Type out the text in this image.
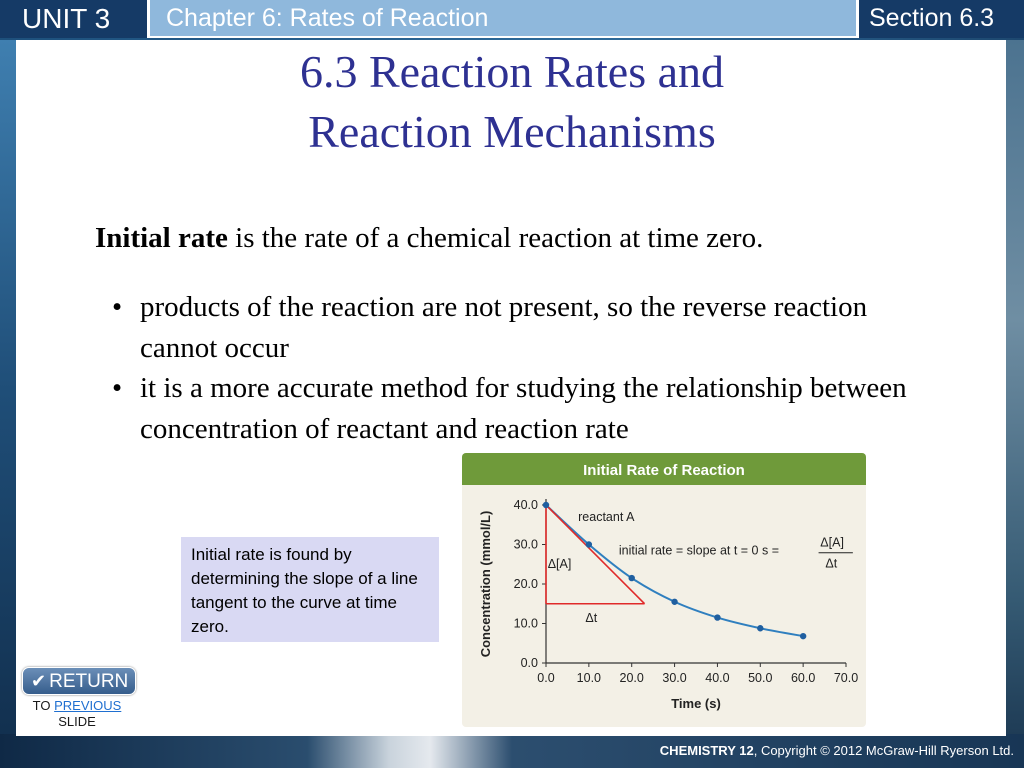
UNIT 3	Chapter 6: Rates of Reaction	Section 6.3
6.3 Reaction Rates and
Reaction Mechanisms

Initial rate is the rate of a chemical reaction at time zero.

• products of the reaction are not present, so the reverse reaction cannot occur
• it is a more accurate method for studying the relationship between concentration of reactant and reaction rate
Initial rate is found by determining the slope of a line tangent to the curve at time zero.
Initial Rate of Reaction
0.0 10.0 20.0 30.0 40.0 50.0 60.0 70.0
0.0
10.0
20.0
30.0
40.0
Time (s)
Concentration (mmol/L)	reactant A
initial rate = slope at t = 0 s =
Δ[A]
Δt
Δ[A]
Δt
✔ RETURN
TO PREVIOUS
SLIDE
CHEMISTRY 12, Copyright © 2012 McGraw-Hill Ryerson Ltd.
